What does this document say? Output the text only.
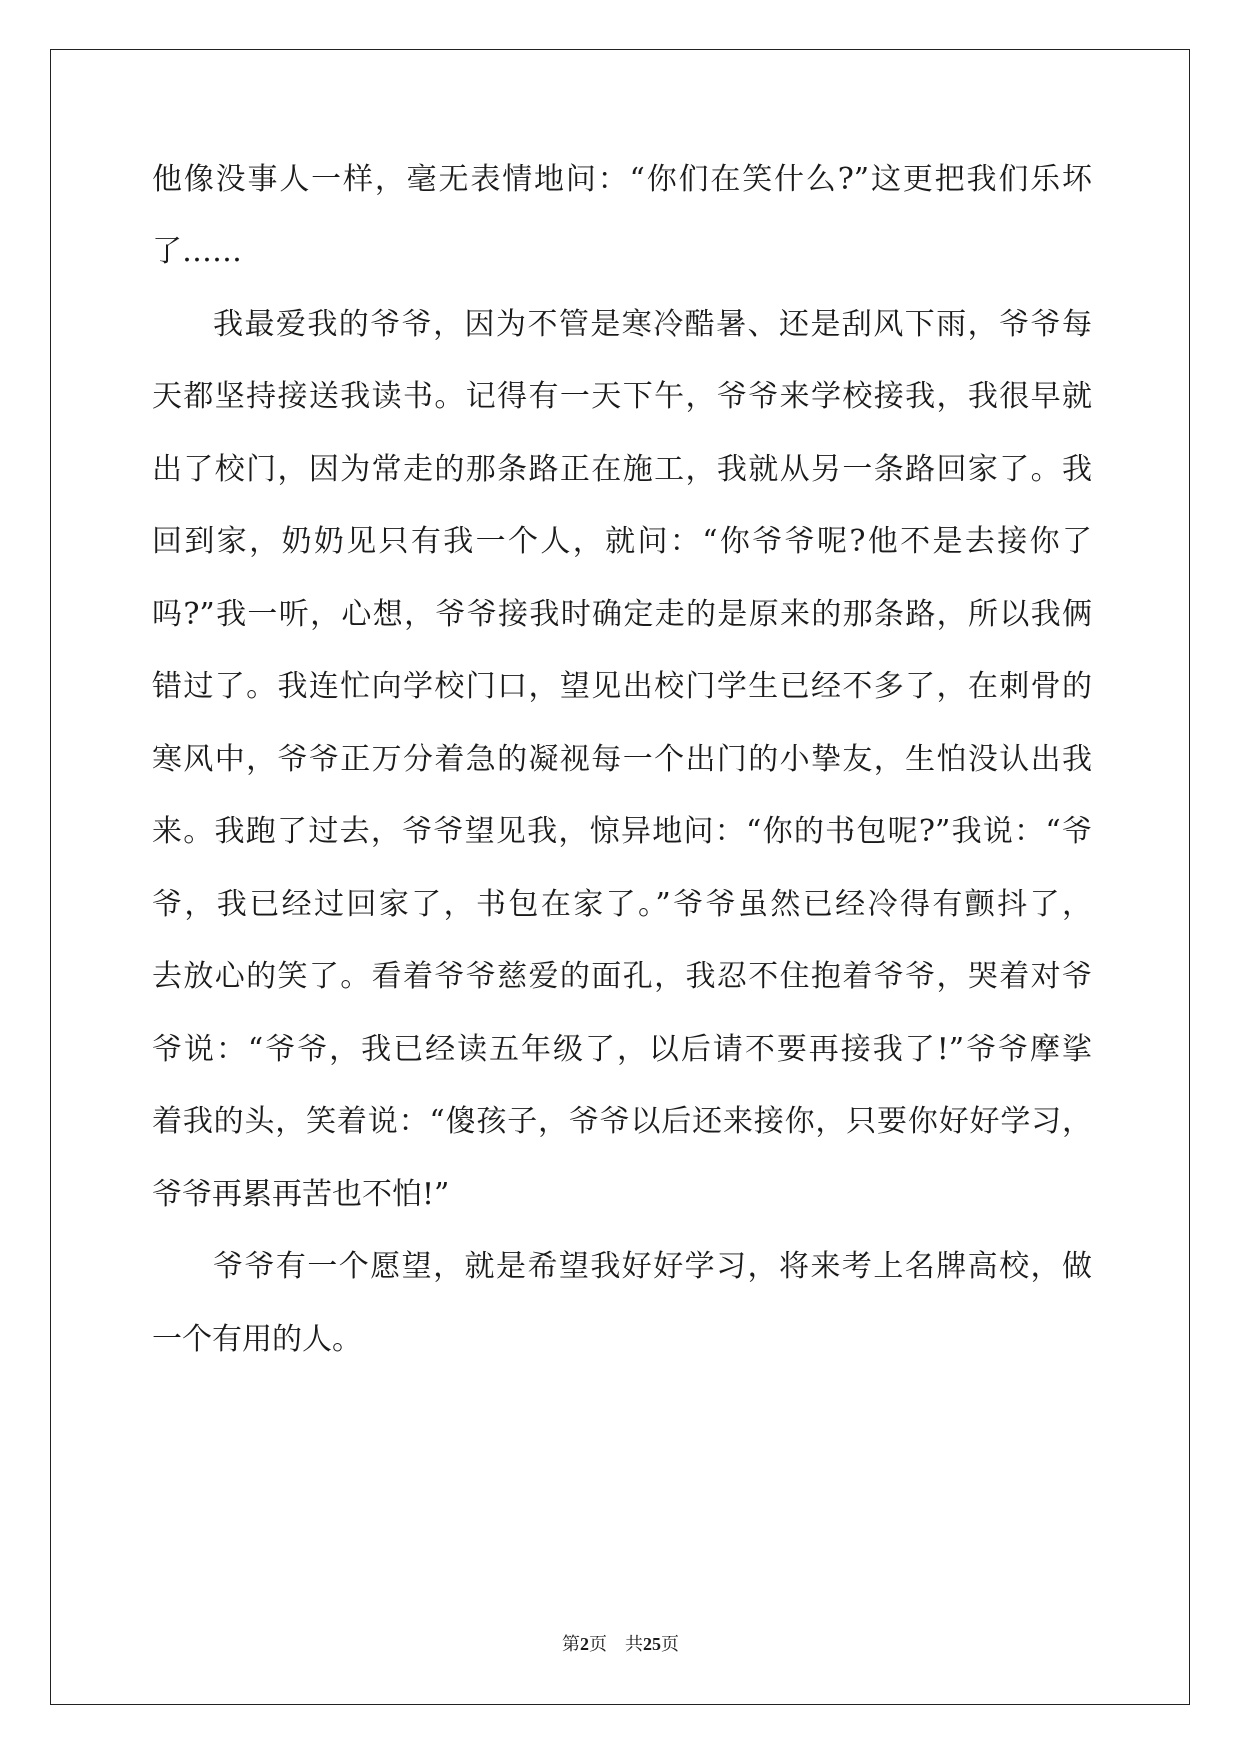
他像没事人一样，毫无表情地问：“你们在笑什么?”这更把我们乐坏
了……
我最爱我的爷爷，因为不管是寒冷酷暑、还是刮风下雨，爷爷每
天都坚持接送我读书。记得有一天下午，爷爷来学校接我，我很早就
出了校门，因为常走的那条路正在施工，我就从另一条路回家了。我
回到家，奶奶见只有我一个人，就问：“你爷爷呢?他不是去接你了
吗?”我一听，心想，爷爷接我时确定走的是原来的那条路，所以我俩
错过了。我连忙向学校门口，望见出校门学生已经不多了，在刺骨的
寒风中，爷爷正万分着急的凝视每一个出门的小挚友，生怕没认出我
来。我跑了过去，爷爷望见我，惊异地问：“你的书包呢?”我说：“爷
爷，我已经过回家了，书包在家了。”爷爷虽然已经冷得有颤抖了，
去放心的笑了。看着爷爷慈爱的面孔，我忍不住抱着爷爷，哭着对爷
爷说：“爷爷，我已经读五年级了，以后请不要再接我了!”爷爷摩挲
着我的头，笑着说：“傻孩子，爷爷以后还来接你，只要你好好学习，
爷爷再累再苦也不怕!”
爷爷有一个愿望，就是希望我好好学习，将来考上名牌高校，做
一个有用的人。
第2页 共25页
